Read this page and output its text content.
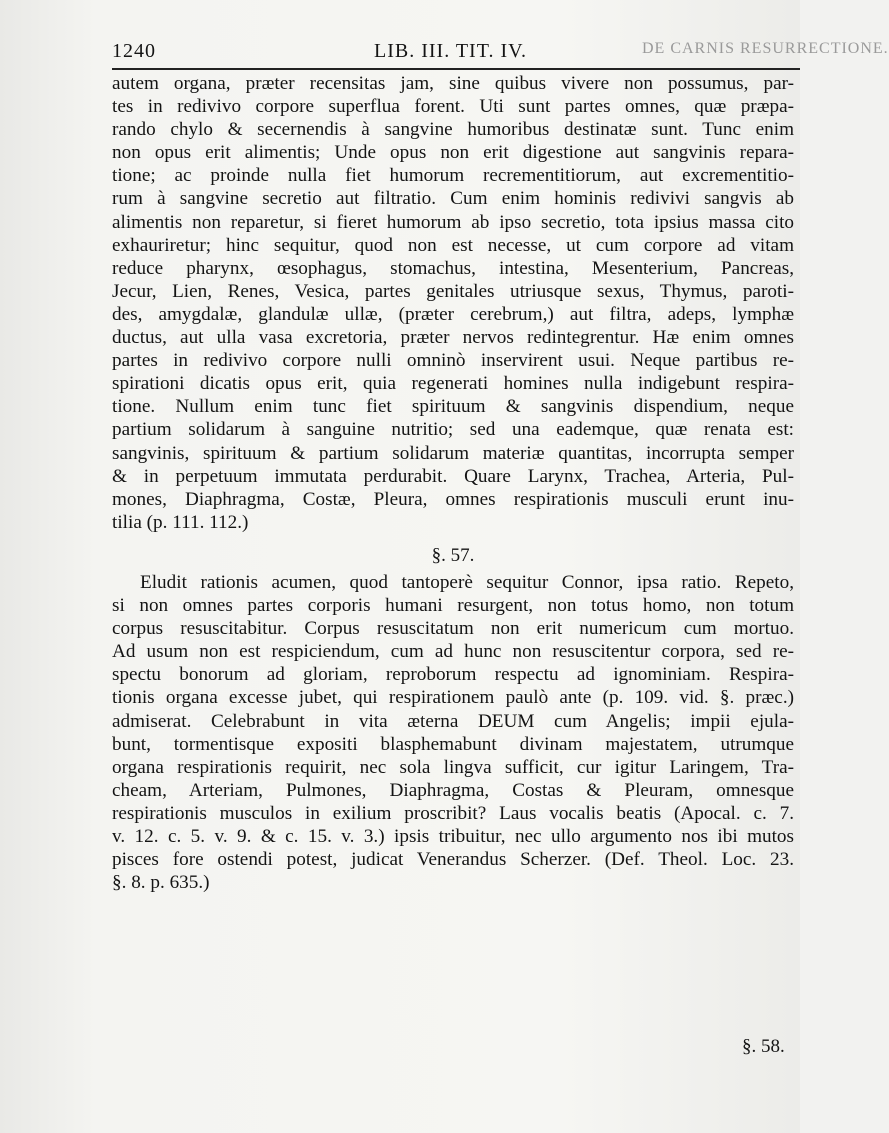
1240	LIB. III. TIT. IV.	DE CARNIS RESURRECTIONE.
autem organa, præter recensitas jam, sine quibus vivere non possumus, par-
tes in redivivo corpore superflua forent. Uti sunt partes omnes, quæ præpa-
rando chylo & secernendis à sangvine humoribus destinatæ sunt. Tunc enim
non opus erit alimentis; Unde opus non erit digestione aut sangvinis repara-
tione; ac proinde nulla fiet humorum recrementitiorum, aut excrementitio-
rum à sangvine secretio aut filtratio. Cum enim hominis redivivi sangvis ab
alimentis non reparetur, si fieret humorum ab ipso secretio, tota ipsius massa cito
exhauriretur; hinc sequitur, quod non est necesse, ut cum corpore ad vitam
reduce pharynx, œsophagus, stomachus, intestina, Mesenterium, Pancreas,
Jecur, Lien, Renes, Vesica, partes genitales utriusque sexus, Thymus, paroti-
des, amygdalæ, glandulæ ullæ, (præter cerebrum,) aut filtra, adeps, lymphæ
ductus, aut ulla vasa excretoria, præter nervos redintegrentur. Hæ enim omnes
partes in redivivo corpore nulli omninò inservirent usui. Neque partibus re-
spirationi dicatis opus erit, quia regenerati homines nulla indigebunt respira-
tione. Nullum enim tunc fiet spirituum & sangvinis dispendium, neque
partium solidarum à sanguine nutritio; sed una eademque, quæ renata est:
sangvinis, spirituum & partium solidarum materiæ quantitas, incorrupta semper
& in perpetuum immutata perdurabit. Quare Larynx, Trachea, Arteria, Pul-
mones, Diaphragma, Costæ, Pleura, omnes respirationis musculi erunt inu-
tilia (p. 111. 112.)
§. 57.
Eludit rationis acumen, quod tantoperè sequitur Connor, ipsa ratio. Repeto,
si non omnes partes corporis humani resurgent, non totus homo, non totum
corpus resuscitabitur. Corpus resuscitatum non erit numericum cum mortuo.
Ad usum non est respiciendum, cum ad hunc non resuscitentur corpora, sed re-
spectu bonorum ad gloriam, reproborum respectu ad ignominiam. Respira-
tionis organa excesse jubet, qui respirationem paulò ante (p. 109. vid. §. præc.)
admiserat. Celebrabunt in vita æterna DEUM cum Angelis; impii ejula-
bunt, tormentisque expositi blasphemabunt divinam majestatem, utrumque
organa respirationis requirit, nec sola lingva sufficit, cur igitur Laringem, Tra-
cheam, Arteriam, Pulmones, Diaphragma, Costas & Pleuram, omnesque
respirationis musculos in exilium proscribit? Laus vocalis beatis (Apocal. c. 7.
v. 12. c. 5. v. 9. & c. 15. v. 3.) ipsis tribuitur, nec ullo argumento nos ibi mutos
pisces fore ostendi potest, judicat Venerandus Scherzer. (Def. Theol. Loc. 23.
§. 8. p. 635.)
§. 58.
